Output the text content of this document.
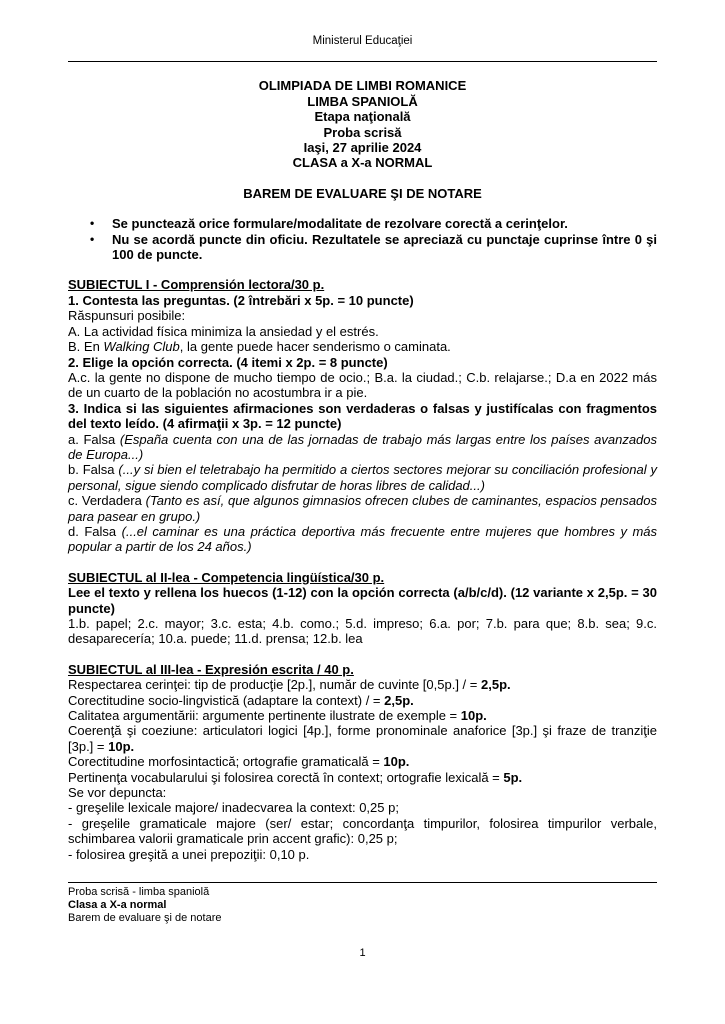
Ministerul Educaţiei

OLIMPIADA DE LIMBI ROMANICE

LIMBA SPANIOLĂ

Etapa naţională

Proba scrisă

Iaşi, 27 aprilie 2024

CLASA a X-a NORMAL

BAREM DE EVALUARE ŞI DE NOTARE

•	Se punctează orice formulare/modalitate de rezolvare corectă a cerinţelor.
•	Nu se acordă puncte din oficiu. Rezultatele se apreciază cu punctaje cuprinse între 0 şi 100 de puncte.

SUBIECTUL I - Comprensión lectora/30 p.

1. Contesta las preguntas. (2 întrebări x 5p. = 10 puncte)

Răspunsuri posibile:

A. La actividad física minimiza la ansiedad y el estrés.

B. En Walking Club, la gente puede hacer senderismo o caminata.

2. Elige la opción correcta. (4 itemi x 2p. = 8 puncte)

A.c. la gente no dispone de mucho tiempo de ocio.; B.a. la ciudad.; C.b. relajarse.; D.a en 2022 más de un cuarto de la población no acostumbra ir a pie.

3. Indica si las siguientes afirmaciones son verdaderas o falsas y justifícalas con fragmentos del texto leído. (4 afirmaţii x 3p. = 12 puncte)

a. Falsa (España cuenta con una de las jornadas de trabajo más largas entre los países avanzados de Europa...)

b. Falsa (...y si bien el teletrabajo ha permitido a ciertos sectores mejorar su conciliación profesional y personal, sigue siendo complicado disfrutar de horas libres de calidad...)

c. Verdadera (Tanto es así, que algunos gimnasios ofrecen clubes de caminantes, espacios pensados para pasear en grupo.)

d. Falsa (...el caminar es una práctica deportiva más frecuente entre mujeres que hombres y más popular a partir de los 24 años.)

SUBIECTUL al II-lea - Competencia lingüística/30 p.

Lee el texto y rellena los huecos (1-12) con la opción correcta (a/b/c/d). (12 variante x 2,5p. = 30 puncte)

1.b. papel; 2.c. mayor; 3.c. esta; 4.b. como.; 5.d. impreso; 6.a. por; 7.b. para que; 8.b. sea; 9.c. desaparecería; 10.a. puede; 11.d. prensa; 12.b. lea

SUBIECTUL al III-lea - Expresión escrita / 40 p.

Respectarea cerinţei: tip de producţie [2p.], număr de cuvinte [0,5p.] / = 2,5p.

Corectitudine socio-lingvistică (adaptare la context) / = 2,5p.

Calitatea argumentării: argumente pertinente ilustrate de exemple = 10p.

Coerenţă şi coeziune: articulatori logici [4p.], forme pronominale anaforice [3p.] şi fraze de tranziţie [3p.] = 10p.

Corectitudine morfosintactică; ortografie gramaticală = 10p.

Pertinenţa vocabularului şi folosirea corectă în context; ortografie lexicală = 5p.

Se vor depuncta:

- greşelile lexicale majore/ inadecvarea la context: 0,25 p;

- greşelile gramaticale majore (ser/ estar; concordanţa timpurilor, folosirea timpurilor verbale, schimbarea valorii gramaticale prin accent grafic): 0,25 p;

- folosirea greşită a unei prepoziţii: 0,10 p.

Proba scrisă - limba spaniolă

Clasa a X-a normal

Barem de evaluare şi de notare

1
